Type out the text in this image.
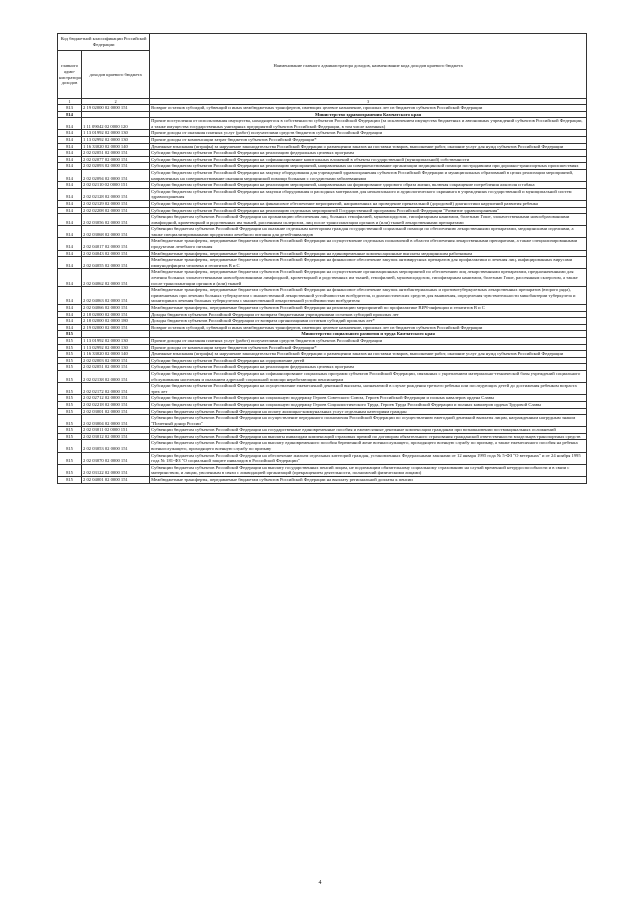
Код бюджетной классификации Российской Федерации		Наименование главного администратора доходов, наименование кода доходов краевого бюджета
главного адми-нистратора доходов	доходов краевого бюджета	
1	2	3
813	2 19 02000 02 0000 151	Возврат остатков субсидий, субвенций и иных межбюджетных трансфертов, имеющих целевое назначение, прошлых лет из бюджетов субъектов Российской Федерации
814		Министерство здравоохранения Камчатского края
814	1 11 09042 02 0000 120	Прочие поступления от использования имущества, находящегося в собственности субъектов Российской Федерации (за исключением имущества бюджетных и автономных учреждений субъектов Российской Федерации, а также имущества государственных унитарных предприятий субъектов Российской Федерации, в том числе казенных)
814	1 13 01992 02 0000 130	Прочие доходы от оказания платных услуг (работ) получателями средств бюджетов субъектов Российской Федерации
814	1 13 02992 02 0000 130	Прочие доходы от компенсации затрат бюджетов субъектов Российской Федерации*
814	1 16 33020 02 0000 140	Денежные взыскания (штрафы) за нарушение законодательства Российской Федерации о размещении заказов на поставки товаров, выполнение работ, оказание услуг для нужд субъектов Российской Федерации
814	2 02 02051 02 0000 151	Субсидии бюджетам субъектов Российской Федерации на реализацию федеральных целевых программ
814	2 02 02077 02 0000 151	Субсидии бюджетам субъектов Российской Федерации на софинансирование капитальных вложений в объекты государственной (муниципальной) собственности
814	2 02 02093 02 0000 151	Субсидии бюджетам субъектов Российской Федерации на реализацию мероприятий, направленных на совершенствование организации медицинской помощи пострадавшим при дорожно-транспортных происшествиях
814	2 02 02094 02 0000 151	Субсидии бюджетам субъектов Российской Федерации на закупку оборудования для учреждений здравоохранения субъектов Российской Федерации и муниципальных образований в целях реализации мероприятий, направленных на совершенствование оказания медицинской помощи больным с сосудистыми заболеваниями
814	2 02 02110 02 0000 151	Субсидии бюджетам субъектов Российской Федерации на реализацию мероприятий, направленных на формирование здорового образа жизни, включая сокращение потребления алкоголя и табака
814	2 02 02128 02 0000 151	Субсидии бюджетам субъектов Российской Федерации на закупки оборудования и расходных материалов для неонатального и аудиологического скрининга в учреждениях государственной и муниципальной систем здравоохранения
814	2 02 02129 02 0000 151	Субсидии бюджетам субъектов Российской Федерации на финансовое обеспечение мероприятий, направленных на проведение пренатальной (дородовой) диагностики нарушений развития ребенка
814	2 02 02208 02 0000 151	Субсидии бюджетам субъектов Российской Федерации на реализацию отдельных мероприятий Государственной программы Российской Федерации "Развитие здравоохранения"
814	2 02 03056 02 0000 151	Субвенции бюджетам субъектов Российской Федерации на организацию обеспечения лиц, больных гемофилией, муковисцидозом, гипофизарным нанизмом, болезнью Гоше, злокачественными новообразованиями лимфоидной, кроветворной и родственных им тканей, рассеянным склерозом, лиц после трансплантации органов и (или) тканей лекарственными препаратами
814	2 02 03068 02 0000 151	Субвенции бюджетам субъектов Российской Федерации на оказание отдельным категориям граждан государственной социальной помощи по обеспечению лекарственными препаратами, медицинскими изделиями, а также специализированными продуктами лечебного питания для детей-инвалидов
814	2 02 04017 02 0000 151	Межбюджетные трансферты, передаваемые бюджетам субъектов Российской Федерации на осуществление отдельных полномочий в области обеспечения лекарственными препаратами, а также специализированными продуктами лечебного питания
814	2 02 04043 02 0000 151	Межбюджетные трансферты, передаваемые бюджетам субъектов Российской Федерации на единовременные компенсационные выплаты медицинским работникам
814	2 02 04055 02 0000 151	Межбюджетные трансферты, передаваемые бюджетам субъектов Российской Федерации на финансовое обеспечение закупок антивирусных препаратов для профилактики и лечения лиц, инфицированных вирусами иммунодефицита человека и гепатитов B и C
814	2 02 04062 02 0000 151	Межбюджетные трансферты, передаваемые бюджетам субъектов Российской Федерации на осуществление организационных мероприятий по обеспечению лиц лекарственными препаратами, предназначенными для лечения больных злокачественными новообразованиями лимфоидной, кроветворной и родственных им тканей, гемофилией, муковисцидозом, гипофизарным нанизмом, болезнью Гоше, рассеянным склерозом, а также после трансплантации органов и (или) тканей
814	2 02 04063 02 0000 151	Межбюджетные трансферты, передаваемые бюджетам субъектов Российской Федерации на финансовое обеспечение закупок антибактериальных и противотуберкулезных лекарственных препаратов (второго ряда), применяемых при лечении больных туберкулезом с множественной лекарственной устойчивостью возбудителя, и диагностических средств для выявления, определения чувствительности микобактерии туберкулеза и мониторинга лечения больных туберкулезом с множественной лекарственной устойчивостью возбудителя
814	2 02 04066 02 0000 151	Межбюджетные трансферты, передаваемые бюджетам субъектов Российской Федерации на реализацию мероприятий по профилактике ВИЧ-инфекции и гепатитов B и C
814	2 18 02000 02 0000 151	Доходы бюджетов субъектов Российской Федерации от возврата бюджетными учреждениями остатков субсидий прошлых лет
814	2 18 02000 02 0000 180	Доходы бюджетов субъектов Российской Федерации от возврата организациями остатков субсидий прошлых лет*
814	2 19 02000 02 0000 151	Возврат остатков субсидий, субвенций и иных межбюджетных трансфертов, имеющих целевое назначение, прошлых лет из бюджетов субъектов Российской Федерации
815		Министерство социального развития и труда Камчатского края
815	1 13 01992 02 0000 130	Прочие доходы от оказания платных услуг (работ) получателями средств бюджетов субъектов Российской Федерации
815	1 13 02992 02 0000 130	Прочие доходы от компенсации затрат бюджетов субъектов Российской Федерации*
815	1 16 33020 02 0000 140	Денежные взыскания (штрафы) за нарушение законодательства Российской Федерации о размещении заказов на поставки товаров, выполнение работ, оказание услуг для нужд субъектов Российской Федерации
815	2 02 02003 02 0000 151	Субсидии бюджетам субъектов Российской Федерации на оздоровление детей
815	2 02 02051 02 0000 151	Субсидии бюджетам субъектов Российской Федерации на реализацию федеральных целевых программ
815	2 02 02138 02 0000 151	Субсидии бюджетам субъектов Российской Федерации на софинансирование социальных программ субъектов Российской Федерации, связанных с укреплением материально-технической базы учреждений социального обслуживания населения и оказанием адресной социальной помощи неработающим пенсионерам
815	2 02 02172 02 0000 151	Субсидии бюджетам субъектов Российской Федерации на осуществление ежемесячной денежной выплаты, назначаемой в случае рождения третьего ребенка или последующих детей до достижения ребенком возраста трех лет
815	2 02 02712 02 0000 151	Субсидии бюджетам субъектов Российской Федерации на социальную поддержку Героев Советского Союза, Героев Российской Федерации и полных кавалеров ордена Славы
815	2 02 02218 02 0000 151	Субсидии бюджетам субъектов Российской Федерации на социальную поддержку Героев Социалистического Труда, Героев Труда Российской Федерации и полных кавалеров ордена Трудовой Славы
815	2 02 03001 02 0000 151	Субвенции бюджетам субъектов Российской Федерации на оплату жилищно-коммунальных услуг отдельным категориям граждан
815	2 02 03004 02 0000 151	Субвенции бюджетам субъектов Российской Федерации на осуществление переданного полномочия Российской Федерации по осуществлению ежегодной денежной выплаты лицам, награжденным нагрудным знаком "Почетный донор России"
815	2 02 03011 02 0000 151	Субвенции бюджетам субъектов Российской Федерации на государственные единовременные пособия и ежемесячные денежные компенсации гражданам при возникновении поствакцинальных осложнений
815	2 02 03012 02 0000 151	Субвенции бюджетам субъектов Российской Федерации на выплаты инвалидам компенсаций страховых премий по договорам обязательного страхования гражданской ответственности владельцев транспортных средств
815	2 02 03053 02 0000 151	Субвенции бюджетам субъектов Российской Федерации на выплату единовременного пособия беременной жене военнослужащего, проходящего военную службу по призыву, а также ежемесячного пособия на ребенка военнослужащего, проходящего военную службу по призыву
815	2 02 03070 02 0000 151	Субвенции бюджетам субъектов Российской Федерации на обеспечение жильем отдельных категорий граждан, установленных Федеральными законами от 12 января 1995 года № 5-ФЗ "О ветеранах" и от 24 ноября 1995 года № 181-ФЗ "О социальной защите инвалидов в Российской Федерации"
815	2 02 03122 02 0000 151	Субвенции бюджетам субъектов Российской Федерации на выплату государственных пенсий лицам, не подлежащим обязательному социальному страхованию на случай временной нетрудоспособности и в связи с материнством, и лицам, уволенным в связи с ликвидацией организаций (прекращением деятельности, полномочий физическими лицами)
815	2 02 04001 02 0000 151	Межбюджетные трансферты, передаваемые бюджетам субъектов Российской Федерации на выплату региональной доплаты к пенсии
4
